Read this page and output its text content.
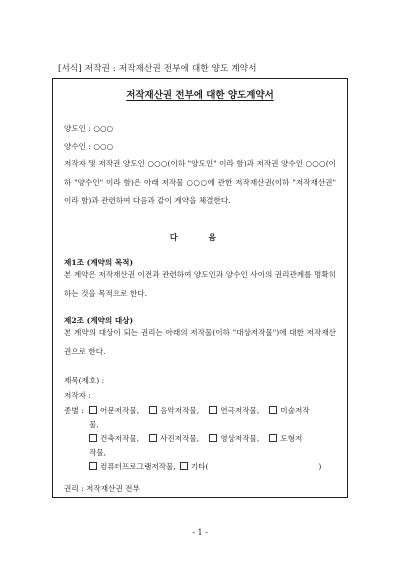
[서식] 저작권 : 저작재산권 전부에 대한 양도 계약서
저작재산권 전부에 대한 양도계약서
양도인 : ○○○
양수인 : ○○○
저작자 및 저작권 양도인 ○○○(이하 "양도인" 이라 함)과 저작권 양수인 ○○○(이하 "양수인" 이라 함)은 아래 저작물 ○○○에 관한 저작재산권(이하 "저작재산권" 이라 함)과 관련하여 다음과 같이 계약을 체결한다.
다 음
제1조 (계약의 목적)
본 계약은 저작재산권 이전과 관련하여 양도인과 양수인 사이의 권리관계를 명확히 하는 것을 목적으로 한다.
제2조 (계약의 대상)
본 계약의 대상이 되는 권리는 아래의 저작물(이하 "대상저작물")에 대한 저작재산권으로 한다.
제목(제호) :
저작자 :
종별 :	어문저작물,	음악저작물,	연극저작물,	미술저작
물,
건축저작물,	사진저작물,	영상저작물,	도형저
작물,
컴퓨터프로그램저작물, 기타(	)
권리 : 저작재산권 전부
- 1 -
